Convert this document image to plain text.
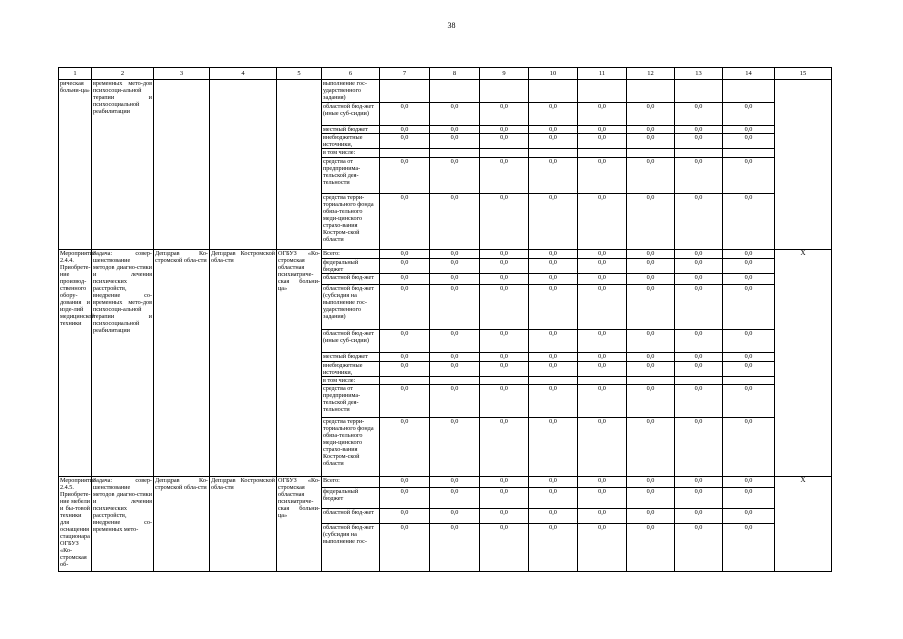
38
1	2	3	4	5	6	7	8	9	10	11	12	13	14	15
рическая больни-ца»	временных мето-дов психосоци-альной терапии и психосоциальной реабилитации				выполнение гос-ударственного задания)									
					областной бюд-жет (иные суб-сидии)	0,0	0,0	0,0	0,0	0,0	0,0	0,0	0,0	
					местный бюджет	0,0	0,0	0,0	0,0	0,0	0,0	0,0	0,0	
					внебюджетные источники,	0,0	0,0	0,0	0,0	0,0	0,0	0,0	0,0	
					в том числе:									
					средства от предпринима-тельской дея-тельности	0,0	0,0	0,0	0,0	0,0	0,0	0,0	0,0	
					средства терри-ториального фонда обяза-тельного меди-цинского страхо-вания Костром-ской области	0,0	0,0	0,0	0,0	0,0	0,0	0,0	0,0	
Мероприятие 2.4.4. Приобрете-ние производ-ственного обору-дования и изде-лий медицинской техники	Задача: совер-шенствование методов диагно-стики и лечения психических расстройств, внедрение со-временных мето-дов психосоци-альной терапии и психосоциальной реабилитации	Депздрав Ко-стромской обла-сти	Депздрав Костромской обла-сти	ОГБУЗ «Ко-стромская областная психиатриче-ская больни-ца»	Всего:	0,0	0,0	0,0	0,0	0,0	0,0	0,0	0,0	Х
					федеральный бюджет	0,0	0,0	0,0	0,0	0,0	0,0	0,0	0,0	
					областной бюд-жет	0,0	0,0	0,0	0,0	0,0	0,0	0,0	0,0	
					областной бюд-жет (субсидия на выполнение гос-ударственного задания)	0,0	0,0	0,0	0,0	0,0	0,0	0,0	0,0	
					областной бюд-жет (иные суб-сидии)	0,0	0,0	0,0	0,0	0,0	0,0	0,0	0,0	
					местный бюджет	0,0	0,0	0,0	0,0	0,0	0,0	0,0	0,0	
					внебюджетные источники,	0,0	0,0	0,0	0,0	0,0	0,0	0,0	0,0	
					в том числе:									
					средства от предпринима-тельской дея-тельности	0,0	0,0	0,0	0,0	0,0	0,0	0,0	0,0	
					средства терри-ториального фонда обяза-тельного меди-цинского страхо-вания Костром-ской области	0,0	0,0	0,0	0,0	0,0	0,0	0,0	0,0	
Мероприятие 2.4.5. Приобрете-ние мебели и бы-товой техники для оснащения стационара ОГБУЗ «Ко-стромская об-	Задача: совер-шенствование методов диагно-стики и лечения психических расстройств, внедрение со-временных мето-	Депздрав Ко-стромской обла-сти	Депздрав Костромской обла-сти	ОГБУЗ «Ко-стромская областная психиатриче-ская больни-ца»	Всего:	0,0	0,0	0,0	0,0	0,0	0,0	0,0	0,0	Х
					федеральный бюджет	0,0	0,0	0,0	0,0	0,0	0,0	0,0	0,0	
					областной бюд-жет	0,0	0,0	0,0	0,0	0,0	0,0	0,0	0,0	
					областной бюд-жет (субсидия на выполнение гос-	0,0	0,0	0,0	0,0	0,0	0,0	0,0	0,0	
